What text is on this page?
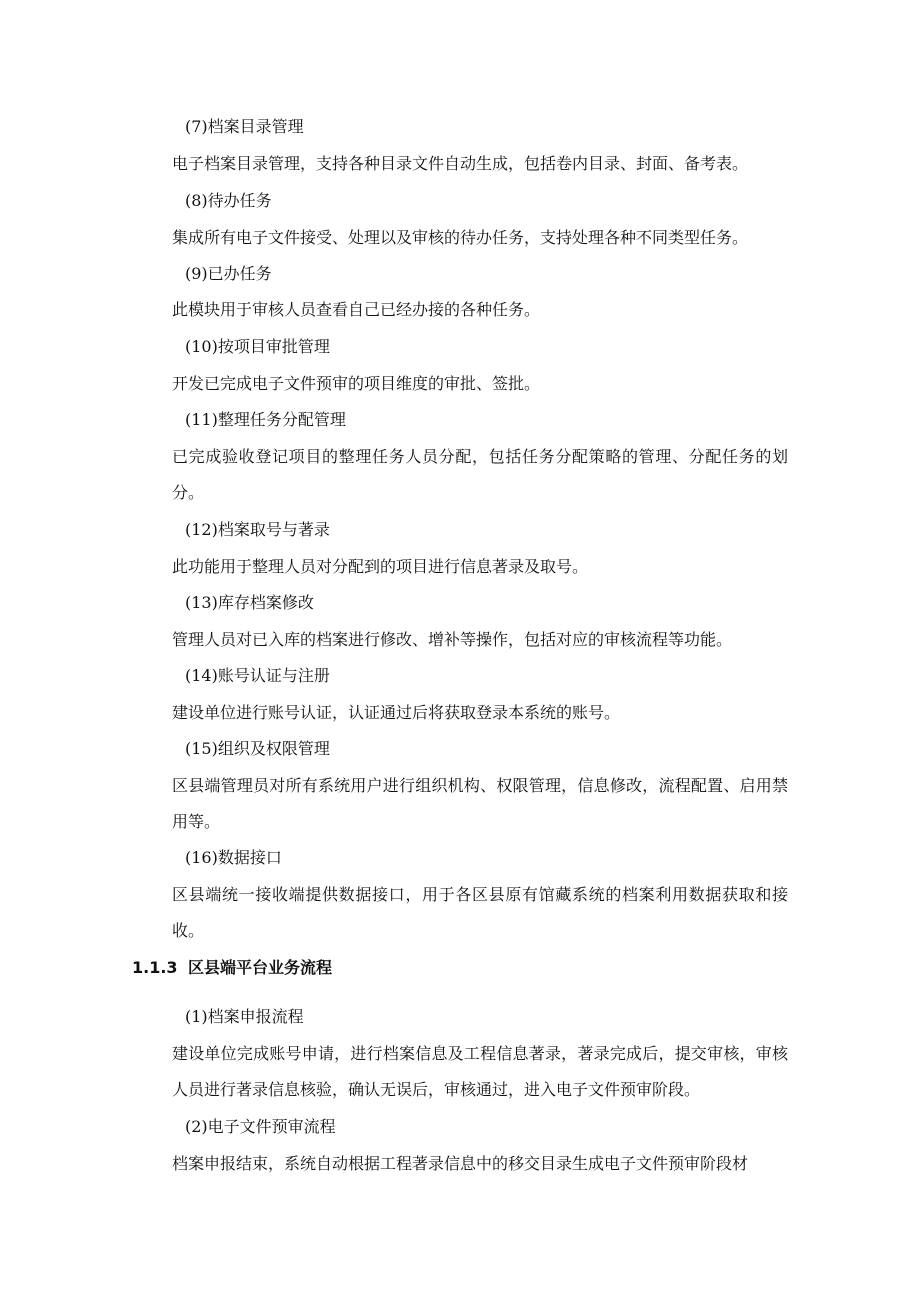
(7)档案目录管理

电子档案目录管理，支持各种目录文件自动生成，包括卷内目录、封面、备考表。

(8)待办任务

集成所有电子文件接受、处理以及审核的待办任务，支持处理各种不同类型任务。

(9)已办任务

此模块用于审核人员查看自己已经办接的各种任务。

(10)按项目审批管理

开发已完成电子文件预审的项目维度的审批、签批。

(11)整理任务分配管理

已完成验收登记项目的整理任务人员分配，包括任务分配策略的管理、分配任务的划分。

(12)档案取号与著录

此功能用于整理人员对分配到的项目进行信息著录及取号。

(13)库存档案修改

管理人员对已入库的档案进行修改、增补等操作，包括对应的审核流程等功能。

(14)账号认证与注册

建设单位进行账号认证，认证通过后将获取登录本系统的账号。

(15)组织及权限管理

区县端管理员对所有系统用户进行组织机构、权限管理，信息修改，流程配置、启用禁用等。

(16)数据接口

区县端统一接收端提供数据接口，用于各区县原有馆藏系统的档案利用数据获取和接收。

1.1.3 区县端平台业务流程

(1)档案申报流程

建设单位完成账号申请，进行档案信息及工程信息著录，著录完成后，提交审核，审核人员进行著录信息核验，确认无误后，审核通过，进入电子文件预审阶段。

(2)电子文件预审流程

档案申报结束，系统自动根据工程著录信息中的移交目录生成电子文件预审阶段材
